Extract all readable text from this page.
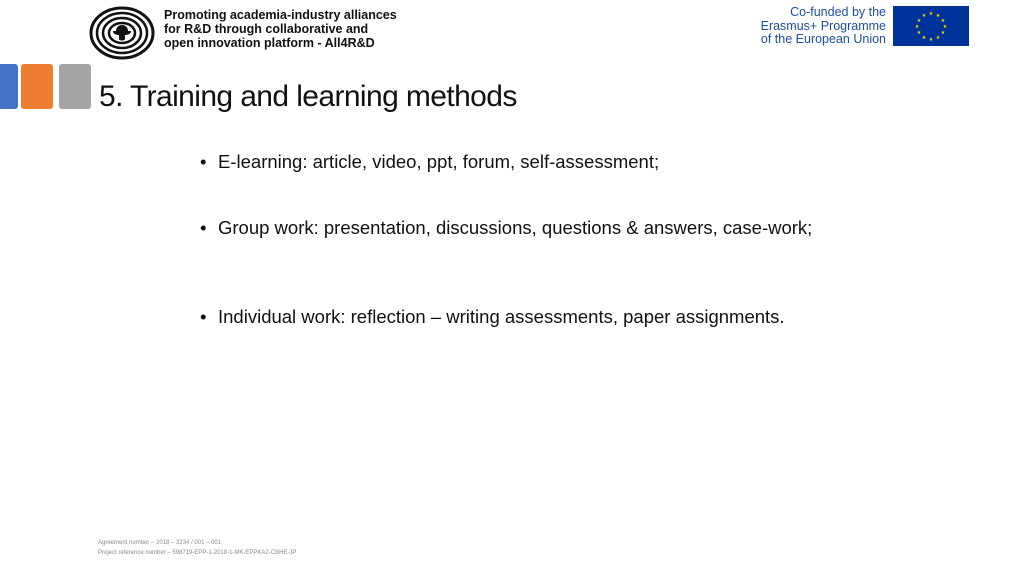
Promoting academia-industry alliances
for R&D through collaborative and
open innovation platform - All4R&D
Co-funded by the
Erasmus+ Programme
of the European Union
★ ★
★
★
★
★
★
★
★
★
★
★
5. Training and learning methods
• E-learning: article, video, ppt, forum, self-assessment;
• Group work: presentation, discussions, questions & answers, case-work;
• Individual work: reflection – writing assessments, paper assignments.
Agreement number – 2018 – 3234 / 001 – 001
Project reference number – 598719-EPP-1-2018-1-MK-EPPKA2-CBHE-JP
